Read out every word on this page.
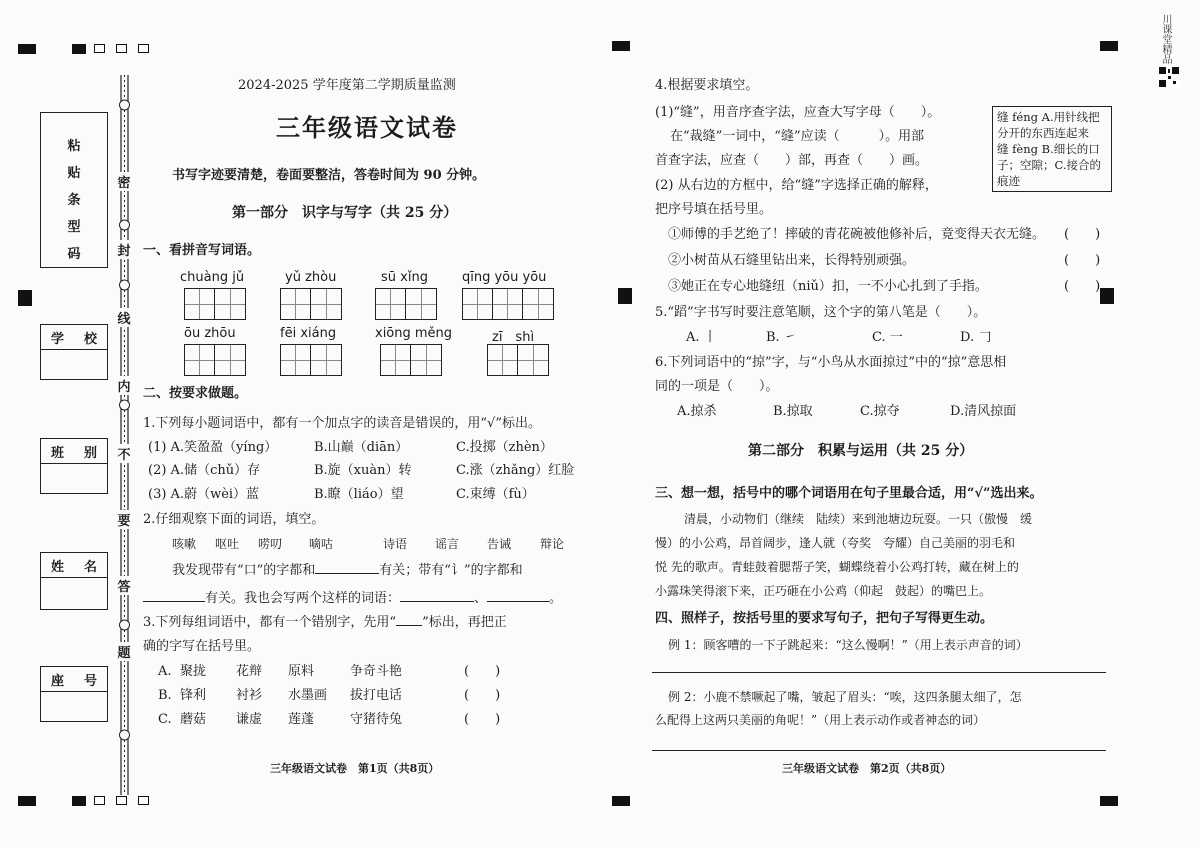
川课堂精品
粘
贴
条
型
码
学 校
班 别
姓 名
座 号
密
封
线
内
不
要
答
题
2024-2025 学年度第二学期质量监测
三年级语文试卷
书写字迹要清楚，卷面要整洁，答卷时间为 90 分钟。
第一部分　识字与写字（共 25 分）
一、看拼音写词语。
chuàng jǔ	yǔ zhòu	sū xǐng	qīng yōu yōu
ōu zhōu	fēi xiáng	xiōng měng	zī　shì
二、按要求做题。
1.下列每小题词语中，都有一个加点字的读音是错误的，用“√”标出。
(1) A.笑盈盈（yíng）	B.山巅（diān）	C.投掷（zhèn）
(2) A.储（chǔ）存	B.旋（xuàn）转	C.涨（zhǎng）红脸
(3) A.蔚（wèi）蓝	B.瞭（liáo）望	C.束缚（fù）
2.仔细观察下面的词语，填空。
咳嗽 呕吐 唠叨 嘀咕	诗语 谣言 告诫 辩论
我发现带有“口”的字都和	有关；带有“讠”的字都和
有关。我也会写两个这样的词语：	、	。
3.下列每组词语中，都有一个错别字，先用“ ”标出，再把正
确的字写在括号里。
A. 聚拢 花辩 原料	争奇斗艳	(　　)
B. 锋利 衬衫 水墨画 拔打电话	(　　)
C. 蘑菇 谦虚 莲蓬	守猪待兔	(　　)
三年级语文试卷　第1页（共8页）
4.根据要求填空。
(1)“缝”，用音序查字法，应查大写字母（　　）。
在“裁缝”一词中，“缝”应读（　　　）。用部
首查字法，应查（　　）部，再查（　　）画。
(2) 从右边的方框中，给“缝”字选择正确的解释，
把序号填在括号里。
缝 féng A.用针线把
分开的东西连起来
缝 fèng B.细长的口
子；空隙；C.接合的
痕迹
①师傅的手艺绝了！摔破的青花碗被他修补后，竟变得天衣无缝。 (　　)
②小树苗从石缝里钻出来，长得特别顽强。	(　　)
③她正在专心地缝纽（niǔ）扣，一不小心扎到了手指。	(　　)
5.“蹈”字书写时要注意笔顺，这个字的第八笔是（　　）。
A. 丨	B. ㇀	C. 一	D. 𠃌
6.下列词语中的“掠”字，与“小鸟从水面掠过”中的“掠”意思相
同的一项是（　　）。
A.掠杀	B.掠取	C.掠夺	D.清风掠面
第二部分　积累与运用（共 25 分）
三、想一想，括号中的哪个词语用在句子里最合适，用“√”选出来。
清晨，小动物们（继续　陆续）来到池塘边玩耍。一只（傲慢　缓
慢）的小公鸡，昂首阔步，逢人就（夸奖　夸耀）自己美丽的羽毛和
悦 先的歌声。青蛙鼓着腮帮子笑，蝴蝶绕着小公鸡打转，藏在树上的
小露珠笑得滚下来，正巧砸在小公鸡（仰起　鼓起）的嘴巴上。
四、照样子，按括号里的要求写句子，把句子写得更生动。
例 1：顾客嘈的一下子跳起来：“这么慢啊！”（用上表示声音的词）
例 2：小鹿不禁噘起了嘴，皱起了眉头：“唉，这四条腿太细了，怎
么配得上这两只美丽的角呢！”（用上表示动作或者神态的词）
三年级语文试卷　第2页（共8页）
